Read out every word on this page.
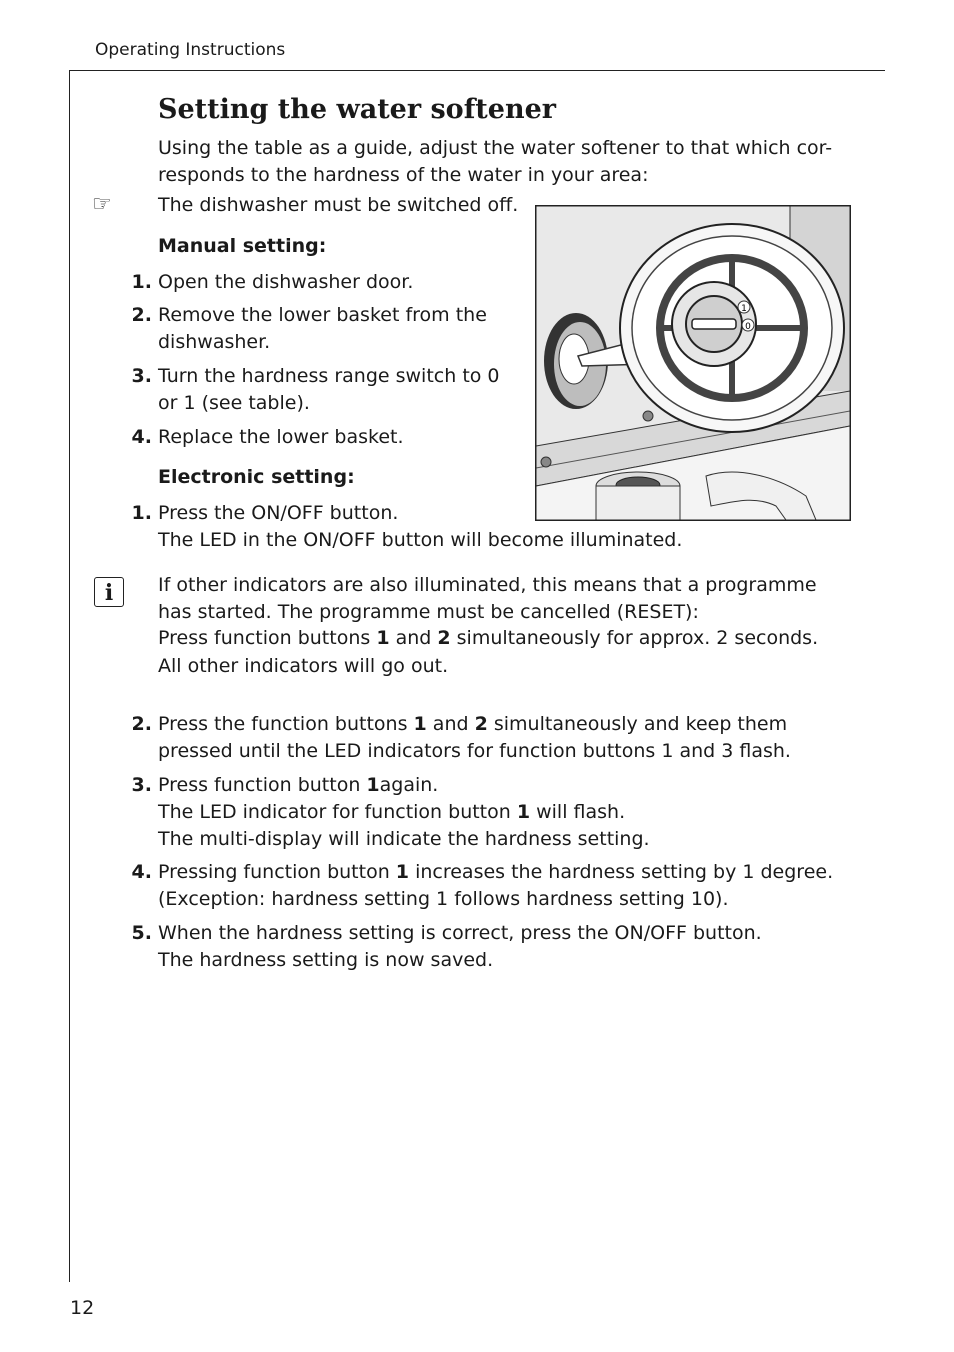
Operating Instructions
12
Setting the water softener
Using the table as a guide, adjust the water softener to that which cor-
responds to the hardness of the water in your area:
☞ The dishwasher must be switched off.
Manual setting:
1. Open the dishwasher door.
2. Remove the lower basket from the
dishwasher.
3. Turn the hardness range switch to 0
or 1 (see table).
4. Replace the lower basket.
Electronic setting:
1. Press the ON/OFF button.
The LED in the ON/OFF button will become illuminated.
1
0
i	If other indicators are also illuminated, this means that a programme
has started. The programme must be cancelled (RESET):
Press function buttons 1 and 2 simultaneously for approx. 2 seconds.
All other indicators will go out.
2. Press the function buttons 1 and 2 simultaneously and keep them
pressed until the LED indicators for function buttons 1 and 3 flash.
3. Press function button 1again.
The LED indicator for function button 1 will flash.
The multi-display will indicate the hardness setting.
4. Pressing function button 1 increases the hardness setting by 1 degree.
(Exception: hardness setting 1 follows hardness setting 10).
5. When the hardness setting is correct, press the ON/OFF button.
The hardness setting is now saved.
